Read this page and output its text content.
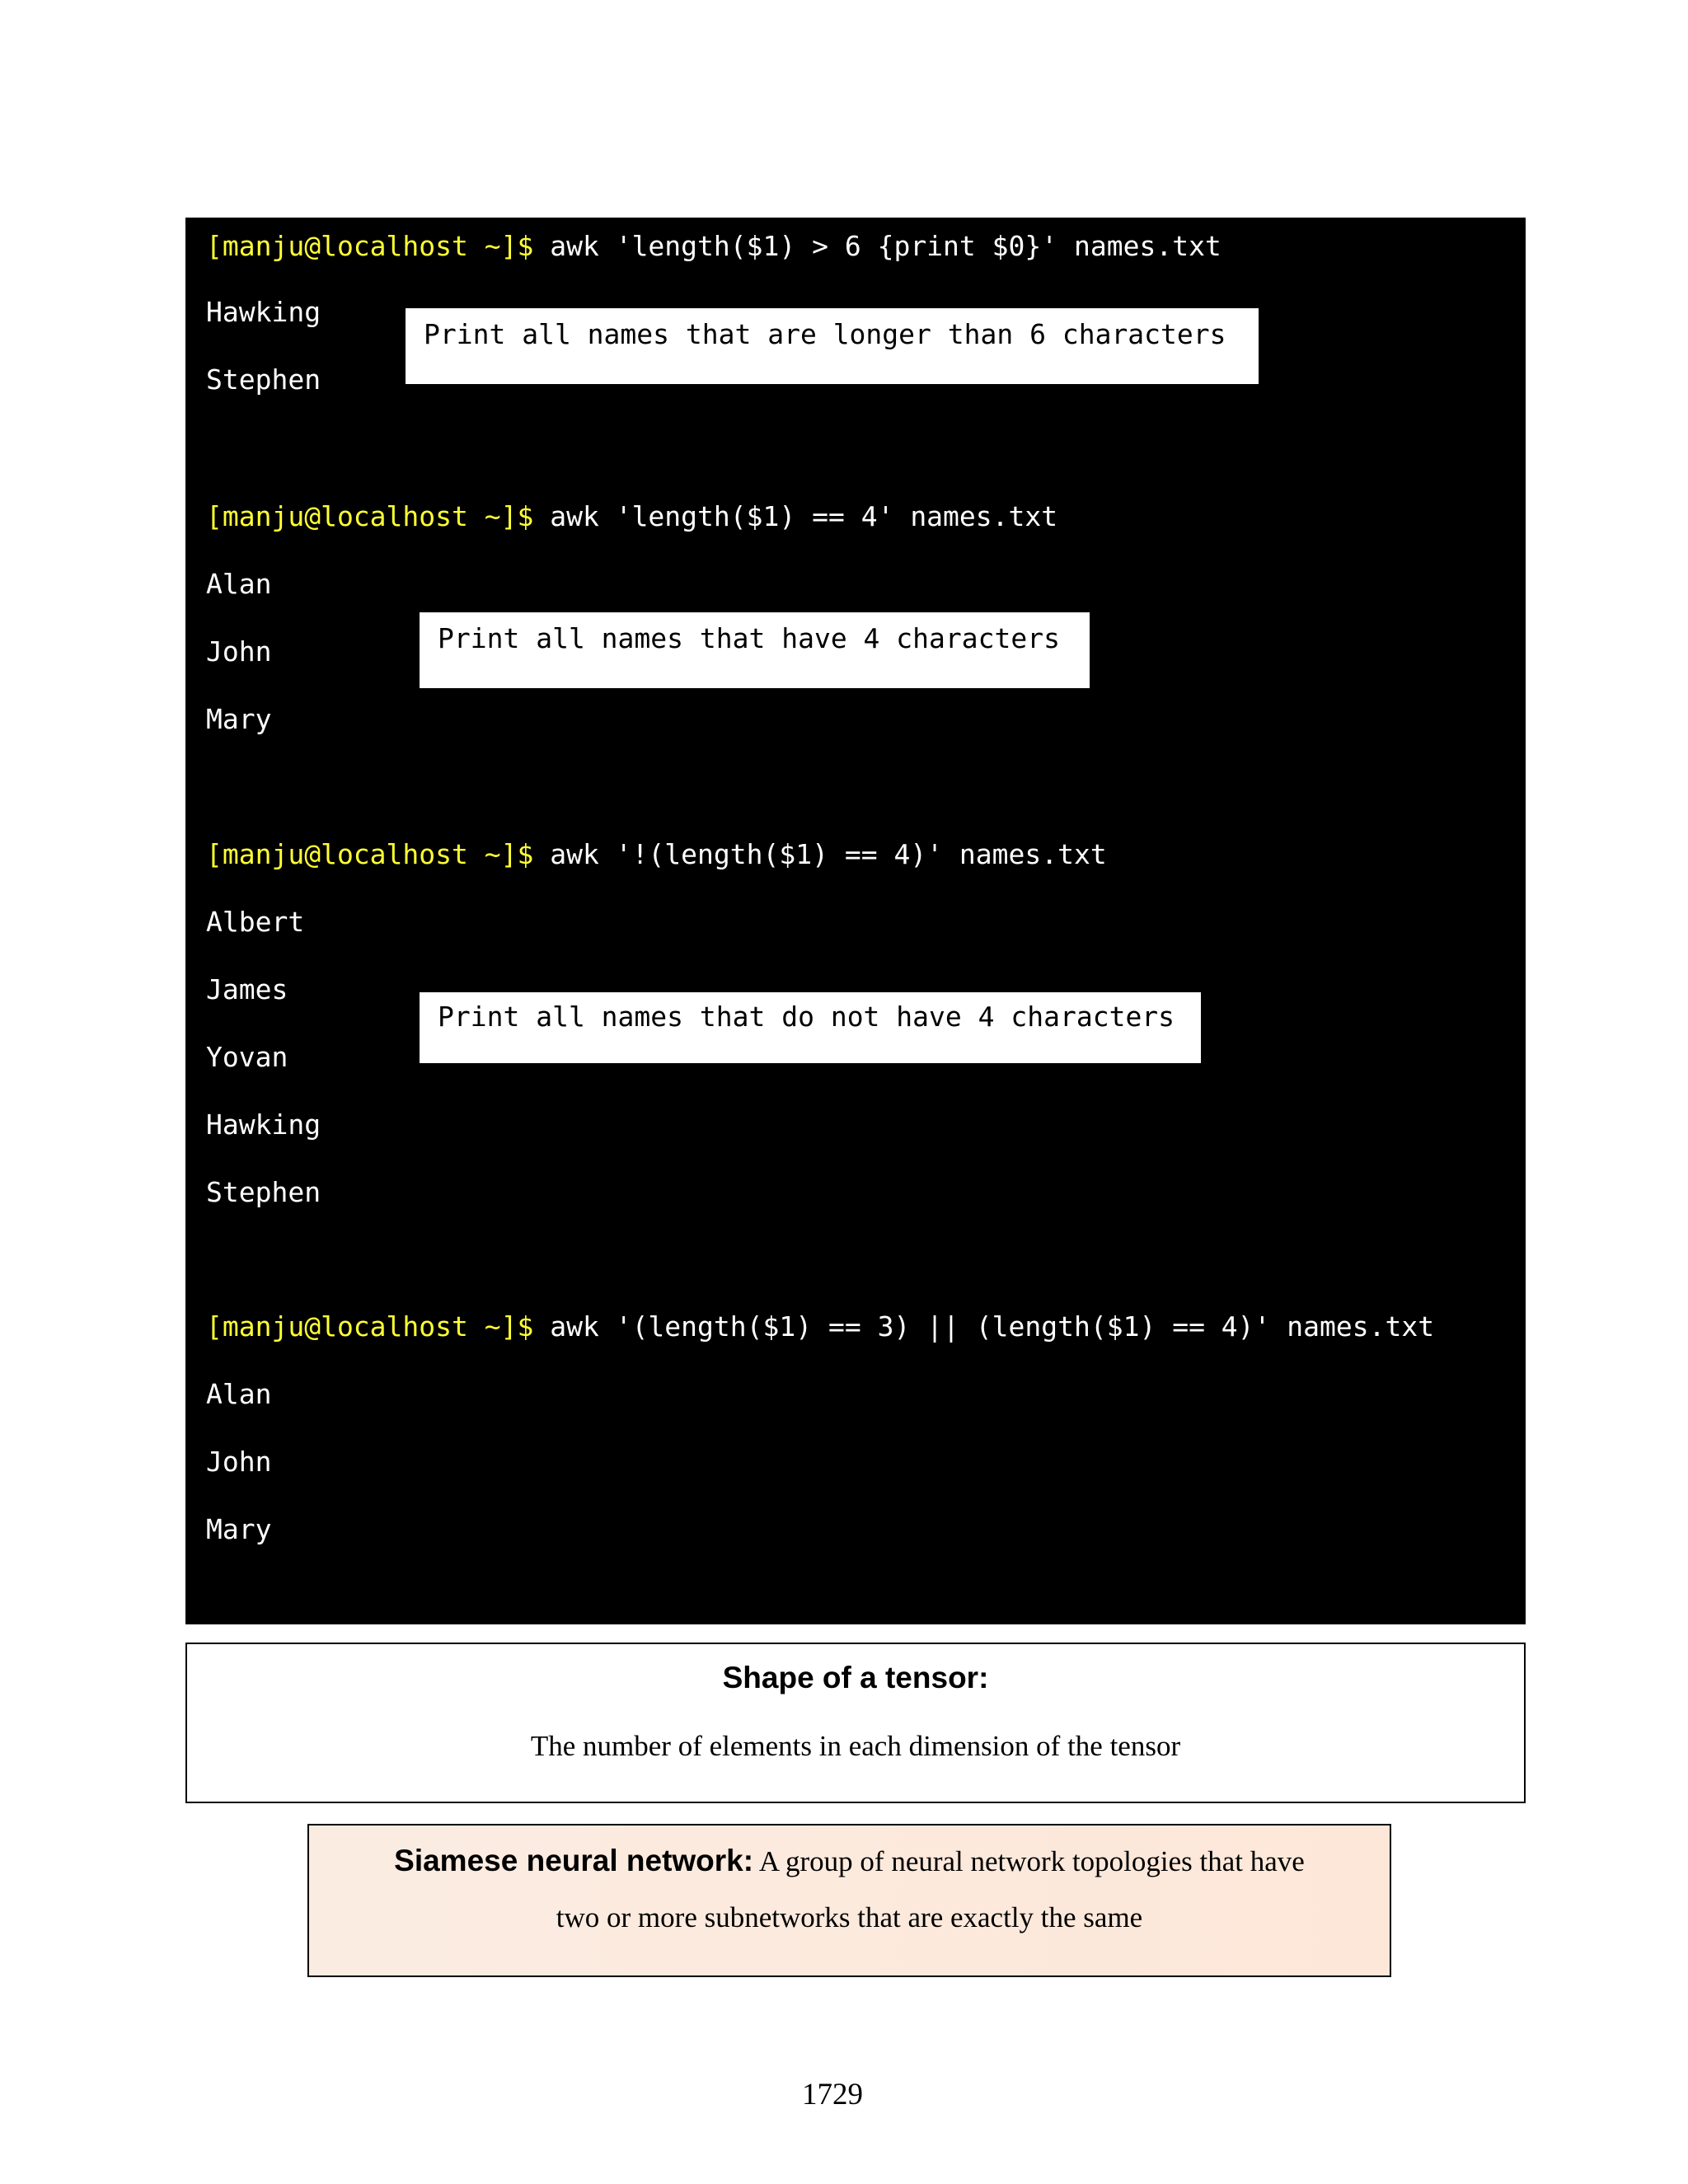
[manju@localhost ~]$ awk 'length($1) > 6 {print $0}' names.txt
Hawking
Stephen
Print all names that are longer than 6 characters
[manju@localhost ~]$ awk 'length($1) == 4' names.txt
Alan
John
Mary
Print all names that have 4 characters
[manju@localhost ~]$ awk '!(length($1) == 4)' names.txt
Albert
James
Yovan
Hawking
Stephen
Print all names that do not have 4 characters
[manju@localhost ~]$ awk '(length($1) == 3) || (length($1) == 4)' names.txt
Alan
John
Mary
Shape of a tensor:
The number of elements in each dimension of the tensor
Siamese neural network: A group of neural network topologies that have
two or more subnetworks that are exactly the same
1729
